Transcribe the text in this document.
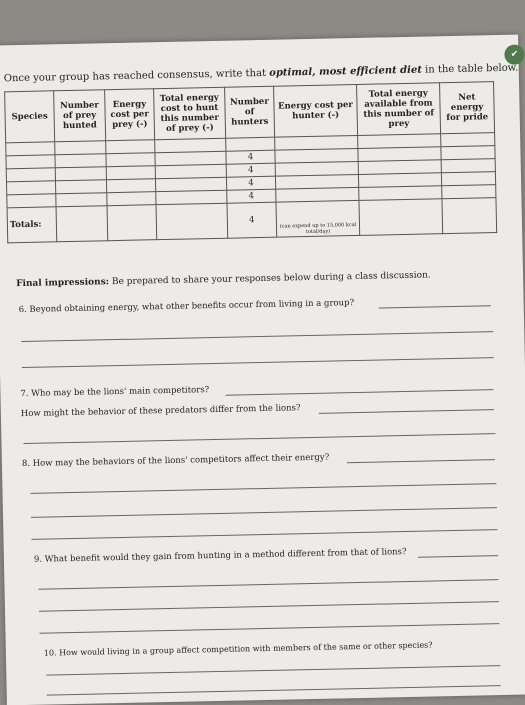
✔
Once your group has reached consensus, write that optimal, most efficient diet in the table below.
Species	Number of prey hunted	Energy cost per prey (-)	Total energy cost to hunt this number of prey (-)	Number of hunters	Energy cost per hunter (-)	Total energy available from this number of prey	Net energy for pride

				4			
				4			
				4			
				4			
Totals:				4	(can expend up to 15,000 kcal total/day)		
Final impressions: Be prepared to share your responses below during a class discussion.
6. Beyond obtaining energy, what other benefits occur from living in a group?
7. Who may be the lions' main competitors?
How might the behavior of these predators differ from the lions?
8. How may the behaviors of the lions' competitors affect their energy?
9. What benefit would they gain from hunting in a method different from that of lions?
10. How would living in a group affect competition with members of the same or other species?
